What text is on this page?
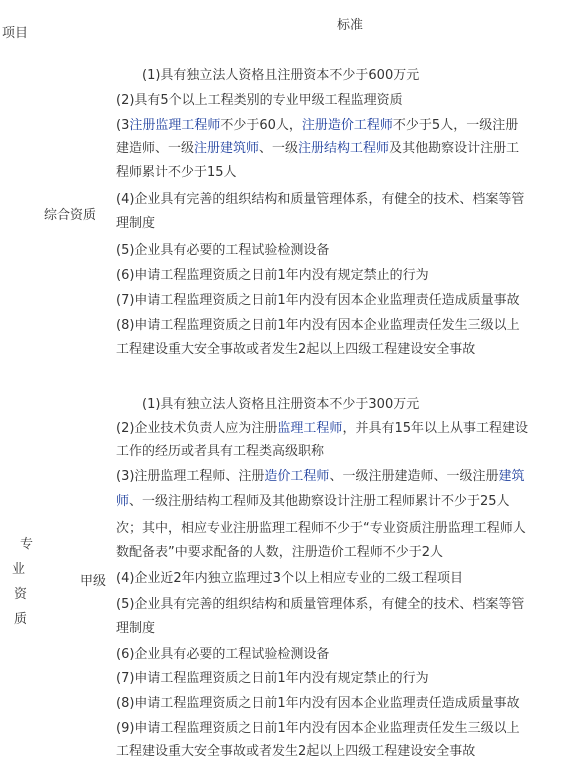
项目
标准
综合资质
(1)具有独立法人资格且注册资本不少于600万元
(2)具有5个以上工程类别的专业甲级工程监理资质
(3注册监理工程师不少于60人，注册造价工程师不少于5人，一级注册
建造师、一级注册建筑师、一级注册结构工程师及其他勘察设计注册工
程师累计不少于15人
(4)企业具有完善的组织结构和质量管理体系，有健全的技术、档案等管
理制度
(5)企业具有必要的工程试验检测设备
(6)申请工程监理资质之日前1年内没有规定禁止的行为
(7)申请工程监理资质之日前1年内没有因本企业监理责任造成质量事故
(8)申请工程监理资质之日前1年内没有因本企业监理责任发生三级以上
工程建设重大安全事故或者发生2起以上四级工程建设安全事故
专
业
资
质
甲级
(1)具有独立法人资格且注册资本不少于300万元
(2)企业技术负责人应为注册监理工程师，并具有15年以上从事工程建设
工作的经历或者具有工程类高级职称
(3)注册监理工程师、注册造价工程师、一级注册建造师、一级注册建筑
师、一级注册结构工程师及其他勘察设计注册工程师累计不少于25人
次；其中，相应专业注册监理工程师不少于“专业资质注册监理工程师人
数配备表”中要求配备的人数，注册造价工程师不少于2人
(4)企业近2年内独立监理过3个以上相应专业的二级工程项目
(5)企业具有完善的组织结构和质量管理体系，有健全的技术、档案等管
理制度
(6)企业具有必要的工程试验检测设备
(7)申请工程监理资质之日前1年内没有规定禁止的行为
(8)申请工程监理资质之日前1年内没有因本企业监理责任造成质量事故
(9)申请工程监理资质之日前1年内没有因本企业监理责任发生三级以上
工程建设重大安全事故或者发生2起以上四级工程建设安全事故
